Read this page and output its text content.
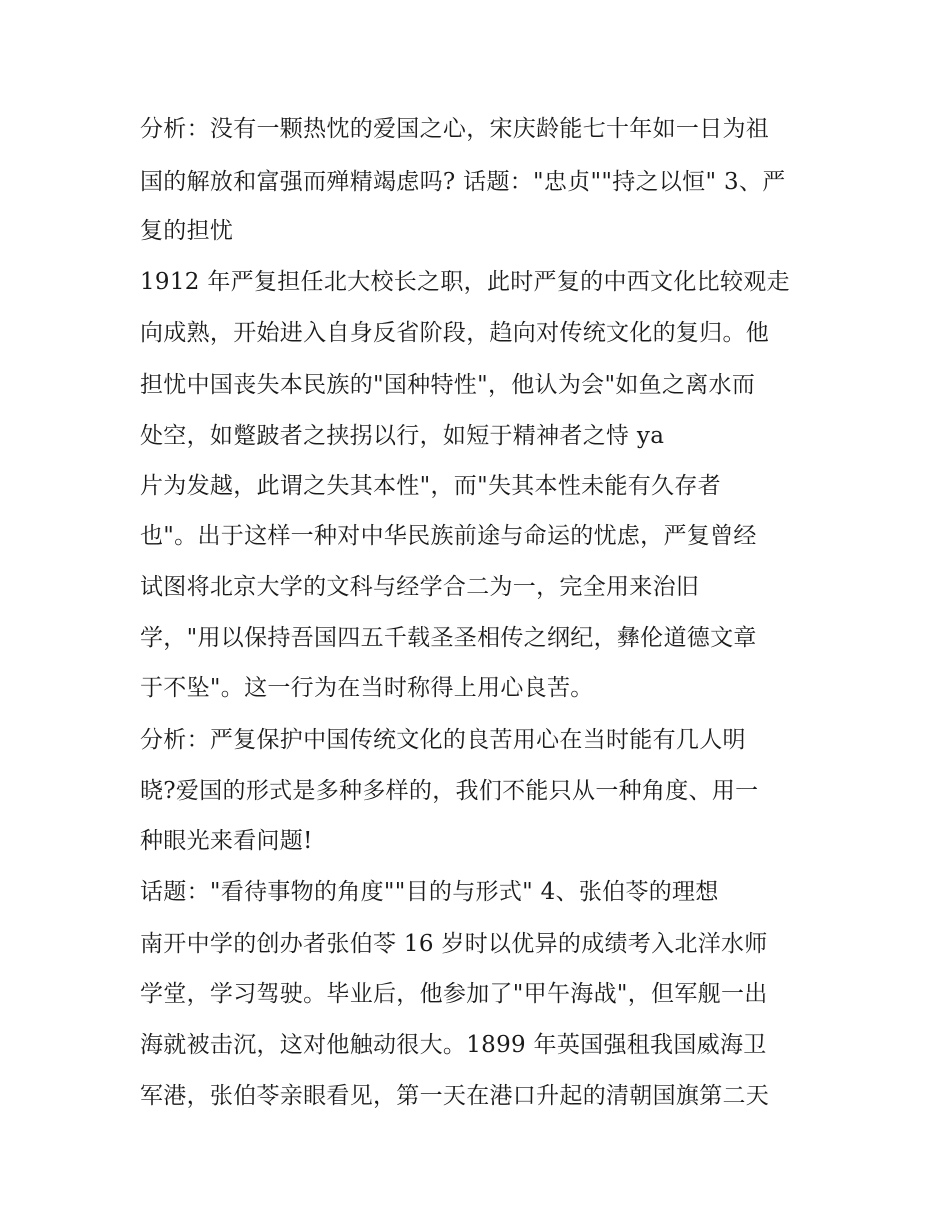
分析：没有一颗热忱的爱国之心，宋庆龄能七十年如一日为祖
国的解放和富强而殚精竭虑吗? 话题："忠贞""持之以恒" 3、严
复的担忧
1912 年严复担任北大校长之职，此时严复的中西文化比较观走
向成熟，开始进入自身反省阶段，趋向对传统文化的复归。他
担忧中国丧失本民族的"国种特性"，他认为会"如鱼之离水而
处空，如蹩跛者之挟拐以行，如短于精神者之恃 ya
片为发越，此谓之失其本性"，而"失其本性未能有久存者
也"。出于这样一种对中华民族前途与命运的忧虑，严复曾经
试图将北京大学的文科与经学合二为一，完全用来治旧
学，"用以保持吾国四五千载圣圣相传之纲纪，彝伦道德文章
于不坠"。这一行为在当时称得上用心良苦。
分析：严复保护中国传统文化的良苦用心在当时能有几人明
晓?爱国的形式是多种多样的，我们不能只从一种角度、用一
种眼光来看问题!
话题："看待事物的角度""目的与形式" 4、张伯苓的理想
南开中学的创办者张伯苓 16 岁时以优异的成绩考入北洋水师
学堂，学习驾驶。毕业后，他参加了"甲午海战"，但军舰一出
海就被击沉，这对他触动很大。1899 年英国强租我国威海卫
军港，张伯苓亲眼看见，第一天在港口升起的清朝国旗第二天
